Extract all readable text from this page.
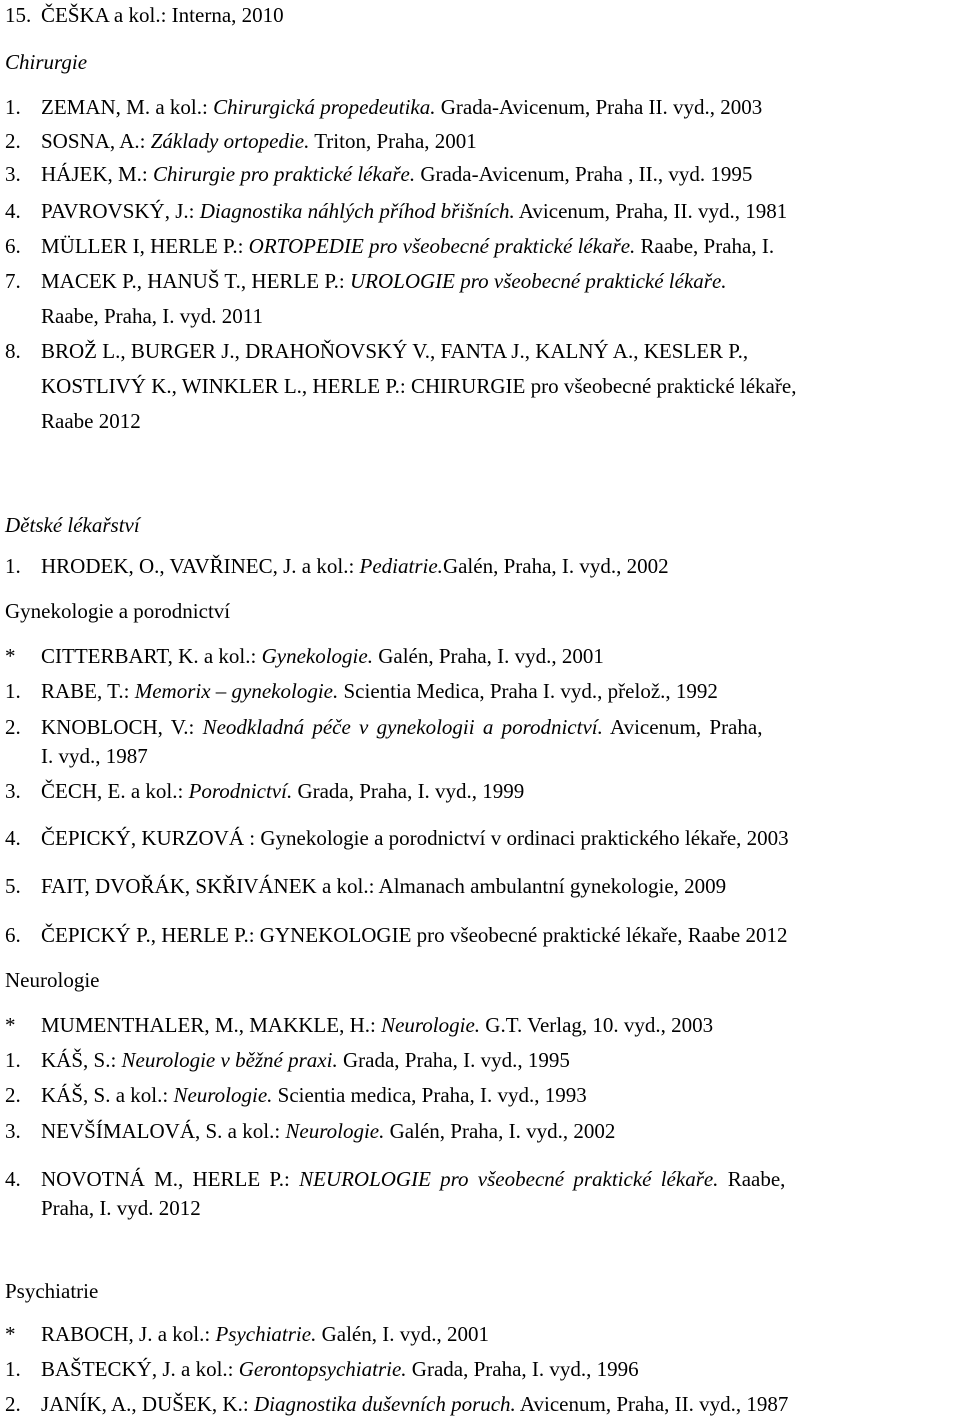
15. ČEŠKA a kol.: Interna, 2010
Chirurgie
1. ZEMAN, M. a kol.: Chirurgická propedeutika. Grada-Avicenum, Praha II. vyd., 2003
2. SOSNA, A.: Základy ortopedie. Triton, Praha, 2001
3. HÁJEK, M.: Chirurgie pro praktické lékaře. Grada-Avicenum, Praha , II., vyd. 1995
4. PAVROVSKÝ, J.: Diagnostika náhlých příhod břišních. Avicenum, Praha, II. vyd., 1981
6. MÜLLER I, HERLE P.: ORTOPEDIE pro všeobecné praktické lékaře. Raabe, Praha, I.
7. MACEK P., HANUŠ T., HERLE P.: UROLOGIE pro všeobecné praktické lékaře.
Raabe, Praha, I. vyd. 2011
8. BROŽ L., BURGER J., DRAHOŇOVSKÝ V., FANTA J., KALNÝ A., KESLER P.,
KOSTLIVÝ K., WINKLER L., HERLE P.: CHIRURGIE pro všeobecné praktické lékaře,
Raabe 2012
Dětské lékařství
1. HRODEK, O., VAVŘINEC, J. a kol.: Pediatrie.Galén, Praha, I. vyd., 2002
Gynekologie a porodnictví
* CITTERBART, K. a kol.: Gynekologie. Galén, Praha, I. vyd., 2001
1. RABE, T.: Memorix – gynekologie. Scientia Medica, Praha I. vyd., přelož., 1992
2. KNOBLOCH, V.: Neodkladná péče v gynekologii a porodnictví. Avicenum, Praha,
I. vyd., 1987
3. ČECH, E. a kol.: Porodnictví. Grada, Praha, I. vyd., 1999
4. ČEPICKÝ, KURZOVÁ : Gynekologie a porodnictví v ordinaci praktického lékaře, 2003
5. FAIT, DVOŘÁK, SKŘIVÁNEK a kol.: Almanach ambulantní gynekologie, 2009
6. ČEPICKÝ P., HERLE P.: GYNEKOLOGIE pro všeobecné praktické lékaře, Raabe 2012
Neurologie
* MUMENTHALER, M., MAKKLE, H.: Neurologie. G.T. Verlag, 10. vyd., 2003
1. KÁŠ, S.: Neurologie v běžné praxi. Grada, Praha, I. vyd., 1995
2. KÁŠ, S. a kol.: Neurologie. Scientia medica, Praha, I. vyd., 1993
3. NEVŠÍMALOVÁ, S. a kol.: Neurologie. Galén, Praha, I. vyd., 2002
4. NOVOTNÁ M., HERLE P.: NEUROLOGIE pro všeobecné praktické lékaře. Raabe,
Praha, I. vyd. 2012
Psychiatrie
* RABOCH, J. a kol.: Psychiatrie. Galén, I. vyd., 2001
1. BAŠTECKÝ, J. a kol.: Gerontopsychiatrie. Grada, Praha, I. vyd., 1996
2. JANÍK, A., DUŠEK, K.: Diagnostika duševních poruch. Avicenum, Praha, II. vyd., 1987
